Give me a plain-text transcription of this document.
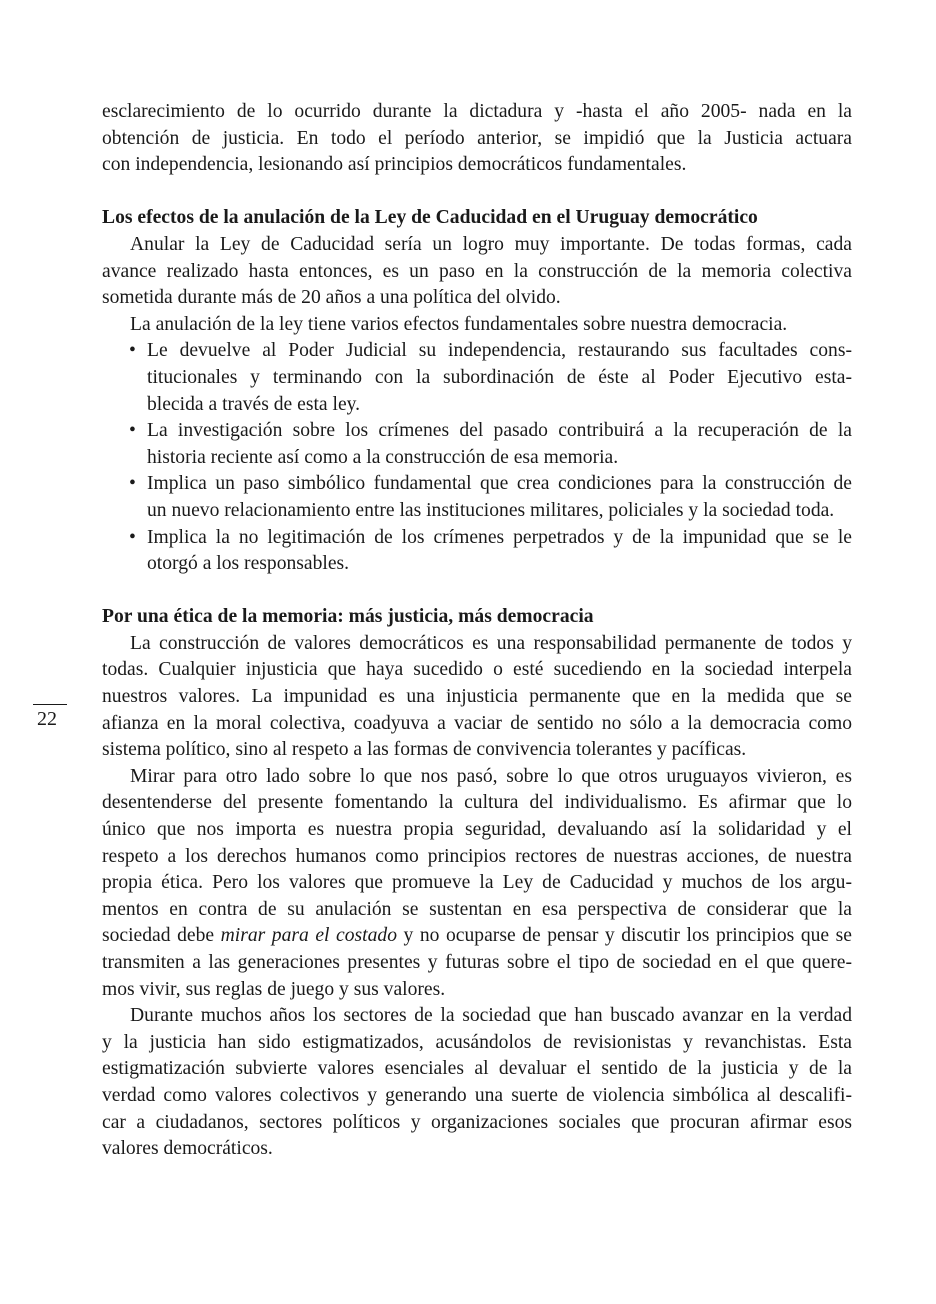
22
esclarecimiento de lo ocurrido durante la dictadura y -hasta el año 2005- nada en la
obtención de justicia. En todo el período anterior, se impidió que la Justicia actuara
con independencia, lesionando así principios democráticos fundamentales.
Los efectos de la anulación de la Ley de Caducidad en el Uruguay democrático
Anular la Ley de Caducidad sería un logro muy importante. De todas formas, cada
avance realizado hasta entonces, es un paso en la construcción de la memoria colectiva
sometida durante más de 20 años a una política del olvido.
La anulación de la ley tiene varios efectos fundamentales sobre nuestra democracia.
• Le devuelve al Poder Judicial su independencia, restaurando sus facultades cons-
titucionales y terminando con la subordinación de éste al Poder Ejecutivo esta-
blecida a través de esta ley.
• La investigación sobre los crímenes del pasado contribuirá a la recuperación de la
historia reciente así como a la construcción de esa memoria.
• Implica un paso simbólico fundamental que crea condiciones para la construcción de
un nuevo relacionamiento entre las instituciones militares, policiales y la sociedad toda.
• Implica la no legitimación de los crímenes perpetrados y de la impunidad que se le
otorgó a los responsables.
Por una ética de la memoria: más justicia, más democracia
La construcción de valores democráticos es una responsabilidad permanente de todos y
todas. Cualquier injusticia que haya sucedido o esté sucediendo en la sociedad interpela
nuestros valores. La impunidad es una injusticia permanente que en la medida que se
afianza en la moral colectiva, coadyuva a vaciar de sentido no sólo a la democracia como
sistema político, sino al respeto a las formas de convivencia tolerantes y pacíficas.
Mirar para otro lado sobre lo que nos pasó, sobre lo que otros uruguayos vivieron, es
desentenderse del presente fomentando la cultura del individualismo. Es afirmar que lo
único que nos importa es nuestra propia seguridad, devaluando así la solidaridad y el
respeto a los derechos humanos como principios rectores de nuestras acciones, de nuestra
propia ética. Pero los valores que promueve la Ley de Caducidad y muchos de los argu-
mentos en contra de su anulación se sustentan en esa perspectiva de considerar que la
sociedad debe mirar para el costado y no ocuparse de pensar y discutir los principios que se
transmiten a las generaciones presentes y futuras sobre el tipo de sociedad en el que quere-
mos vivir, sus reglas de juego y sus valores.
Durante muchos años los sectores de la sociedad que han buscado avanzar en la verdad
y la justicia han sido estigmatizados, acusándolos de revisionistas y revanchistas. Esta
estigmatización subvierte valores esenciales al devaluar el sentido de la justicia y de la
verdad como valores colectivos y generando una suerte de violencia simbólica al descalifi-
car a ciudadanos, sectores políticos y organizaciones sociales que procuran afirmar esos
valores democráticos.
